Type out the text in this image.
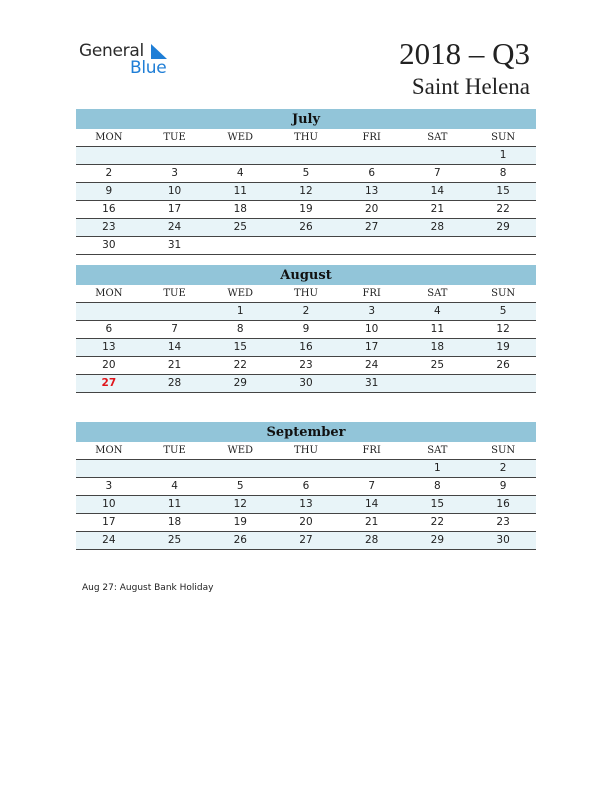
General
Blue	2018 – Q3
Saint Helena
July
MON	TUE	WED	THU	FRI	SAT	SUN
						1
2	3	4	5	6	7	8
9	10	11	12	13	14	15
16	17	18	19	20	21	22
23	24	25	26	27	28	29
30	31					
August
MON	TUE	WED	THU	FRI	SAT	SUN
		1	2	3	4	5
6	7	8	9	10	11	12
13	14	15	16	17	18	19
20	21	22	23	24	25	26
27	28	29	30	31		
September
MON	TUE	WED	THU	FRI	SAT	SUN
					1	2
3	4	5	6	7	8	9
10	11	12	13	14	15	16
17	18	19	20	21	22	23
24	25	26	27	28	29	30
Aug 27: August Bank Holiday
